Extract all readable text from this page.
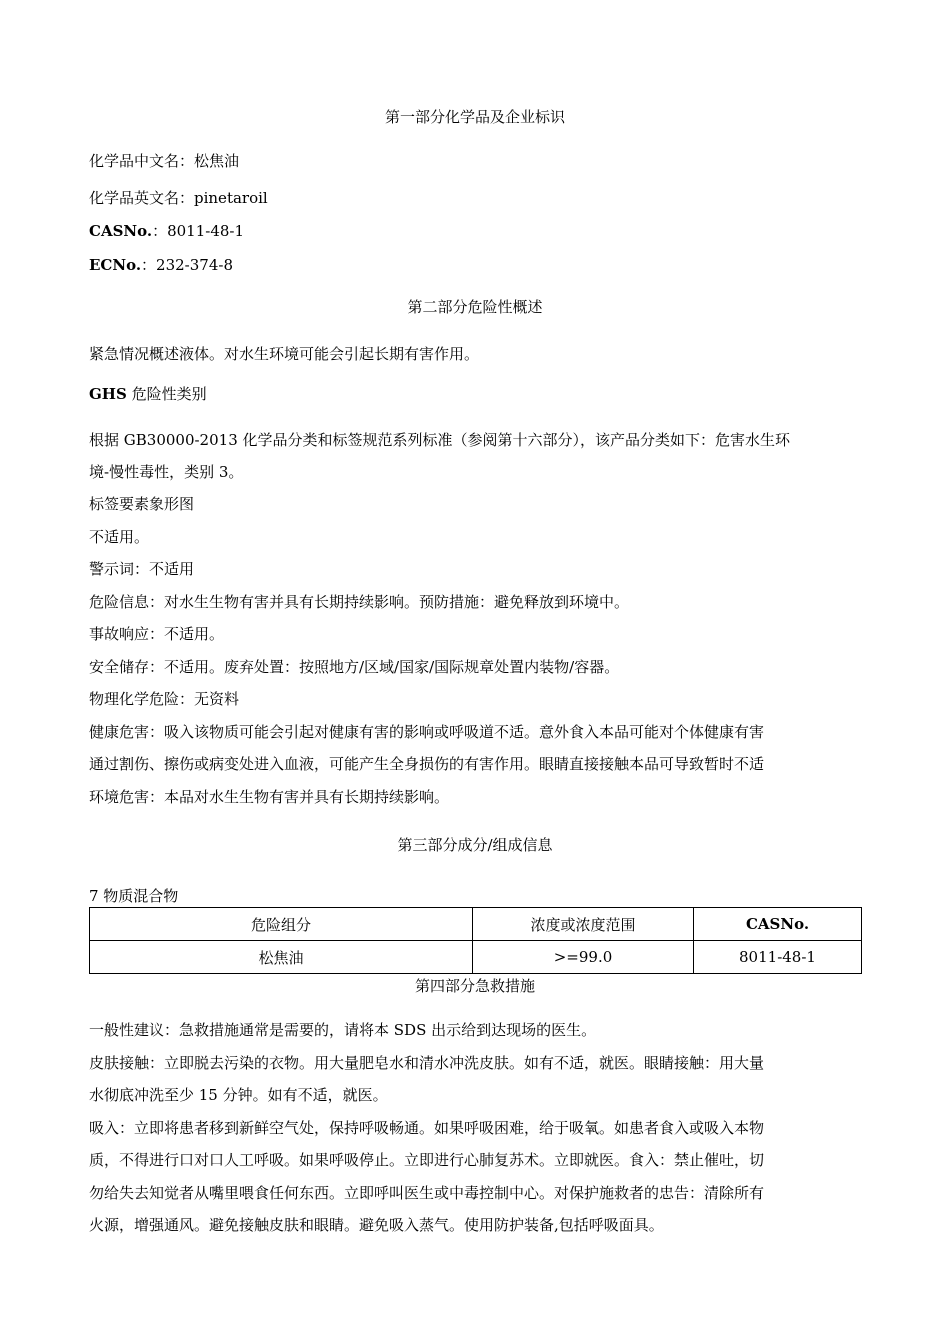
第一部分化学品及企业标识
化学品中文名：松焦油
化学品英文名：pinetaroil
CASNo.：8011-48-1
ECNo.：232-374-8
第二部分危险性概述
紧急情况概述液体。对水生环境可能会引起长期有害作用。
GHS 危险性类别
根据 GB30000-2013 化学品分类和标签规范系列标准（参阅第十六部分），该产品分类如下：危害水生环
境-慢性毒性，类别 3。
标签要素象形图
不适用。
警示词：不适用
危险信息：对水生生物有害并具有长期持续影响。预防措施：避免释放到环境中。
事故响应：不适用。
安全储存：不适用。废弃处置：按照地方/区域/国家/国际规章处置内装物/容器。
物理化学危险：无资料
健康危害：吸入该物质可能会引起对健康有害的影响或呼吸道不适。意外食入本品可能对个体健康有害
通过割伤、擦伤或病变处进入血液，可能产生全身损伤的有害作用。眼睛直接接触本品可导致暂时不适
环境危害：本品对水生生物有害并具有长期持续影响。
第三部分成分/组成信息
7 物质混合物
危险组分	浓度或浓度范围	CASNo.
松焦油	>=99.0	8011-48-1
第四部分急救措施
一般性建议：急救措施通常是需要的，请将本 SDS 出示给到达现场的医生。
皮肤接触：立即脱去污染的衣物。用大量肥皂水和清水冲洗皮肤。如有不适，就医。眼睛接触：用大量
水彻底冲洗至少 15 分钟。如有不适，就医。
吸入：立即将患者移到新鲜空气处，保持呼吸畅通。如果呼吸困难，给于吸氧。如患者食入或吸入本物
质，不得进行口对口人工呼吸。如果呼吸停止。立即进行心肺复苏术。立即就医。食入：禁止催吐，切
勿给失去知觉者从嘴里喂食任何东西。立即呼叫医生或中毒控制中心。对保护施救者的忠告：清除所有
火源，增强通风。避免接触皮肤和眼睛。避免吸入蒸气。使用防护装备,包括呼吸面具。
